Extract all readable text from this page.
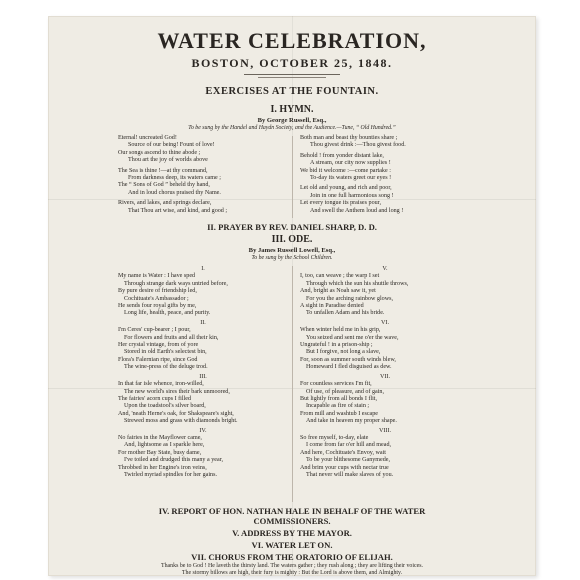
WATER CELEBRATION,
BOSTON, OCTOBER 25, 1848.
EXERCISES AT THE FOUNTAIN.
I. HYMN.
By George Russell, Esq.,
To be sung by the Handel and Haydn Society, and the Audience.—Tune, “ Old Hundred.”
Eternal! uncreated God!
Source of our being! Fount of love!
Our songs ascend to thine abode ;
Thou art the joy of worlds above
The Sea is thine !—at thy command,
From darkness deep, its waters came ;
The “ Sons of God ” beheld thy hand,
And in loud chorus praised thy Name.
Rivers, and lakes, and springs declare,
That Thou art wise, and kind, and good ;
Both man and beast thy bounties share ;
Thou givest drink :—Thou givest food.
Behold ! from yonder distant lake,
A stream, our city now supplies !
We bid it welcome :—come partake :
To-day its waters greet our eyes !
Let old and young, and rich and poor,
Join in one full harmonious song !
Let every tongue its praises pour,
And swell the Anthem loud and long !
II. PRAYER BY REV. DANIEL SHARP, D. D.
III. ODE.
By James Russell Lowell, Esq.,
To be sung by the School Children.
I.
My name is Water : I have sped
Through strange dark ways untried before,
By pure desire of friendship led,
Cochituate's Ambassador ;
He sends four royal gifts by me,
Long life, health, peace, and purity.
II.
I'm Ceres' cup-bearer ; I pour,
For flowers and fruits and all their kin,
Her crystal vintage, from of yore
Stored in old Earth's selectest bin,
Flora's Falernian ripe, since God
The wine-press of the deluge trod.
III.
In that far isle whence, iron-willed,
The new world's sires their bark unmoored,
The fairies' acorn cups I filled
Upon the toadstool's silver board,
And, 'neath Herne's oak, for Shakspeare's sight,
Strewed moss and grass with diamonds bright.
IV.
No fairies in the Mayflower came,
And, lightsome as I sparkle here,
For mother Bay State, busy dame,
I've toiled and drudged this many a year,
Throbbed in her Engine's iron veins,
Twirled myriad spindles for her gains.
V.
I, too, can weave ; the warp I set
Through which the sun his shuttle throws,
And, bright as Noah saw it, yet
For you the arching rainbow glows,
A sight in Paradise denied
To unfallen Adam and his bride.
VI.
When winter held me in his grip,
You seized and sent me o'er the wave,
Ungrateful ! in a prison-ship ;
But I forgive, not long a slave,
For, soon as summer south winds blew,
Homeward I fled disguised as dew.
VII.
For countless services I'm fit,
Of use, of pleasure, and of gain,
But lightly from all bonds I flit,
Incapable as fire of stain ;
From mill and washtub I escape
And take in heaven my proper shape.
VIII.
So free myself, to-day, elate
I come from far o'er hill and mead,
And here, Cochituate's Envoy, wait
To be your blithesome Ganymede,
And brim your cups with nectar true
That never will make slaves of you.
IV. REPORT OF HON. NATHAN HALE IN BEHALF OF THE WATER
COMMISSIONERS.
V. ADDRESS BY THE MAYOR.
VI. WATER LET ON.
VII. CHORUS FROM THE ORATORIO OF ELIJAH.
Thanks be to God ! He laveth the thirsty land. The waters gather ; they rush along ; they are lifting their voices.
The stormy billows are high, their fury is mighty : But the Lord is above them, and Almighty.
